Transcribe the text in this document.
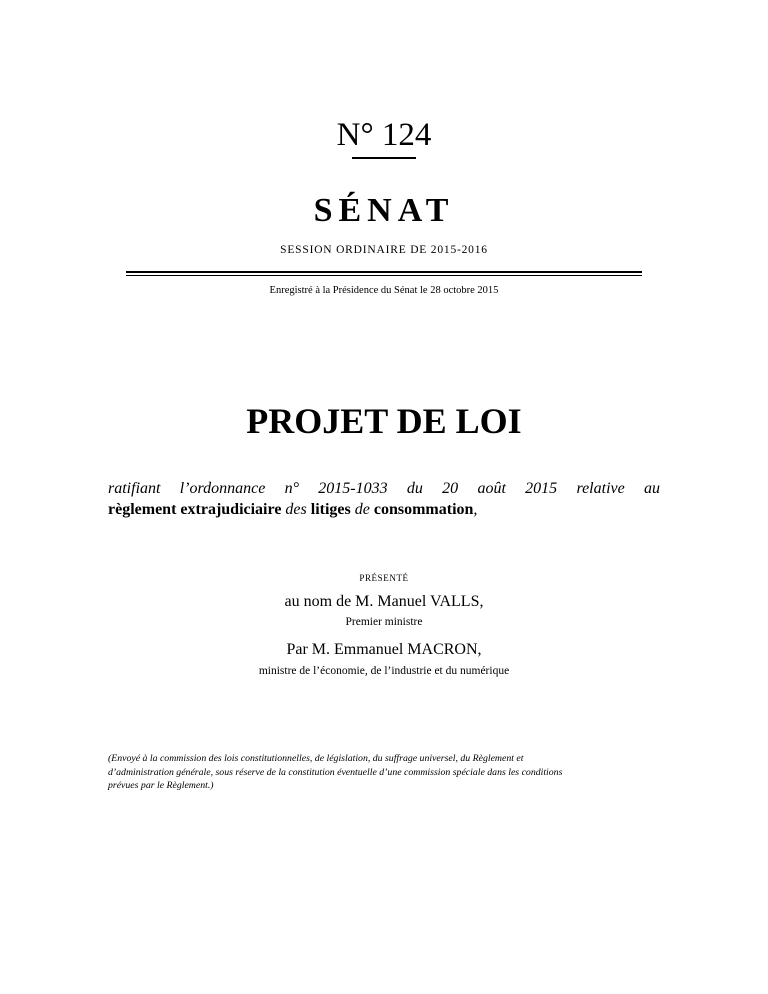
N° 124
SÉNAT
SESSION ORDINAIRE DE 2015-2016
Enregistré à la Présidence du Sénat le 28 octobre 2015
PROJET DE LOI
ratifiant l’ordonnance n° 2015-1033 du 20 août 2015 relative au
règlement extrajudiciaire des litiges de consommation,
PRÉSENTÉ
au nom de M. Manuel VALLS,
Premier ministre
Par M. Emmanuel MACRON,
ministre de l’économie, de l’industrie et du numérique
(Envoyé à la commission des lois constitutionnelles, de législation, du suffrage universel, du Règlement et
d’administration générale, sous réserve de la constitution éventuelle d’une commission spéciale dans les conditions
prévues par le Règlement.)
